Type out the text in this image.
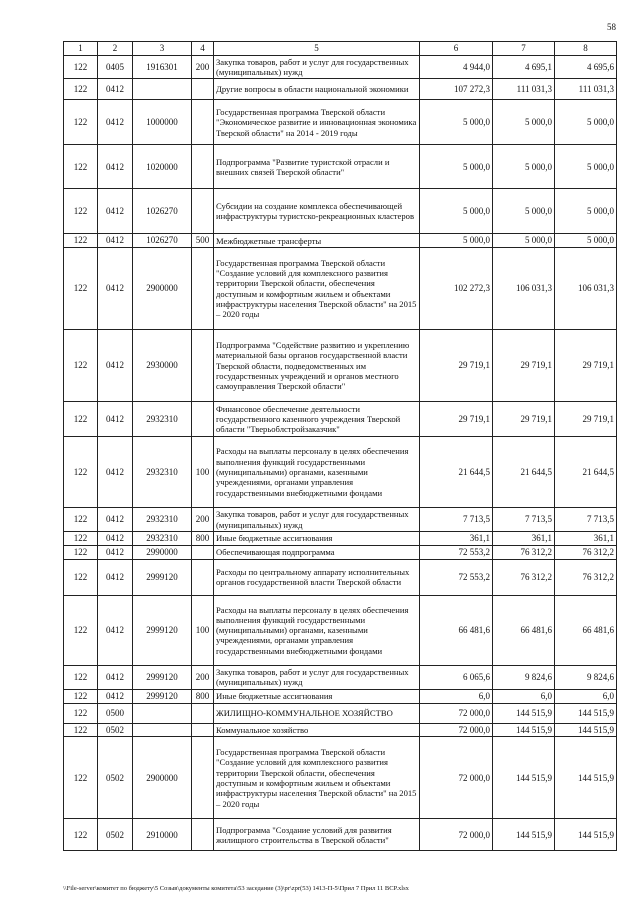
58
1	2	3	4	5	6	7	8
122	0405	1916301	200	Закупка товаров, работ и услуг для государственных (муниципальных) нужд	4 944,0	4 695,1	4 695,6
122	0412			Другие вопросы в области национальной экономики	107 272,3	111 031,3	111 031,3
122	0412	1000000		Государственная программа Тверской области "Экономическое развитие и инновационная экономика Тверской области" на 2014 - 2019 годы	5 000,0	5 000,0	5 000,0
122	0412	1020000		Подпрограмма "Развитие туристской отрасли и внешних связей Тверской области"	5 000,0	5 000,0	5 000,0
122	0412	1026270		Субсидии на создание комплекса обеспечивающей инфраструктуры туристско-рекреационных кластеров	5 000,0	5 000,0	5 000,0
122	0412	1026270	500	Межбюджетные трансферты	5 000,0	5 000,0	5 000,0
122	0412	2900000		Государственная программа Тверской области "Создание условий для комплексного развития территории Тверской области, обеспечения доступным и комфортным жильем и объектами инфраструктуры населения Тверской области" на 2015 – 2020 годы	102 272,3	106 031,3	106 031,3
122	0412	2930000		Подпрограмма "Содействие развитию и укреплению материальной базы органов государственной власти Тверской области, подведомственных им государственных учреждений и органов местного самоуправления Тверской области"	29 719,1	29 719,1	29 719,1
122	0412	2932310		Финансовое обеспечение деятельности государственного казенного учреждения Тверской области "Тверьоблстройзаказчик"	29 719,1	29 719,1	29 719,1
122	0412	2932310	100	Расходы на выплаты персоналу в целях обеспечения выполнения функций государственными (муниципальными) органами, казенными учреждениями, органами управления государственными внебюджетными фондами	21 644,5	21 644,5	21 644,5
122	0412	2932310	200	Закупка товаров, работ и услуг для государственных (муниципальных) нужд	7 713,5	7 713,5	7 713,5
122	0412	2932310	800	Иные бюджетные ассигнования	361,1	361,1	361,1
122	0412	2990000		Обеспечивающая подпрограмма	72 553,2	76 312,2	76 312,2
122	0412	2999120		Расходы по центральному аппарату исполнительных органов государственной власти Тверской области	72 553,2	76 312,2	76 312,2
122	0412	2999120	100	Расходы на выплаты персоналу в целях обеспечения выполнения функций государственными (муниципальными) органами, казенными учреждениями, органами управления государственными внебюджетными фондами	66 481,6	66 481,6	66 481,6
122	0412	2999120	200	Закупка товаров, работ и услуг для государственных (муниципальных) нужд	6 065,6	9 824,6	9 824,6
122	0412	2999120	800	Иные бюджетные ассигнования	6,0	6,0	6,0
122	0500			ЖИЛИЩНО-КОММУНАЛЬНОЕ ХОЗЯЙСТВО	72 000,0	144 515,9	144 515,9
122	0502			Коммунальное хозяйство	72 000,0	144 515,9	144 515,9
122	0502	2900000		Государственная программа Тверской области "Создание условий для комплексного развития территории Тверской области, обеспечения доступным и комфортным жильем и объектами инфраструктуры населения Тверской области" на 2015 – 2020 годы	72 000,0	144 515,9	144 515,9
122	0502	2910000		Подпрограмма "Создание условий для развития жилищного строительства в Тверской области"	72 000,0	144 515,9	144 515,9
\\File-server\комитет по бюджету\5 Созыв\документы комитета\53 заседание (3)\pr\zpr(53) 1413-П-5\Прил 7 Прил 11 ВСР.xlsx
